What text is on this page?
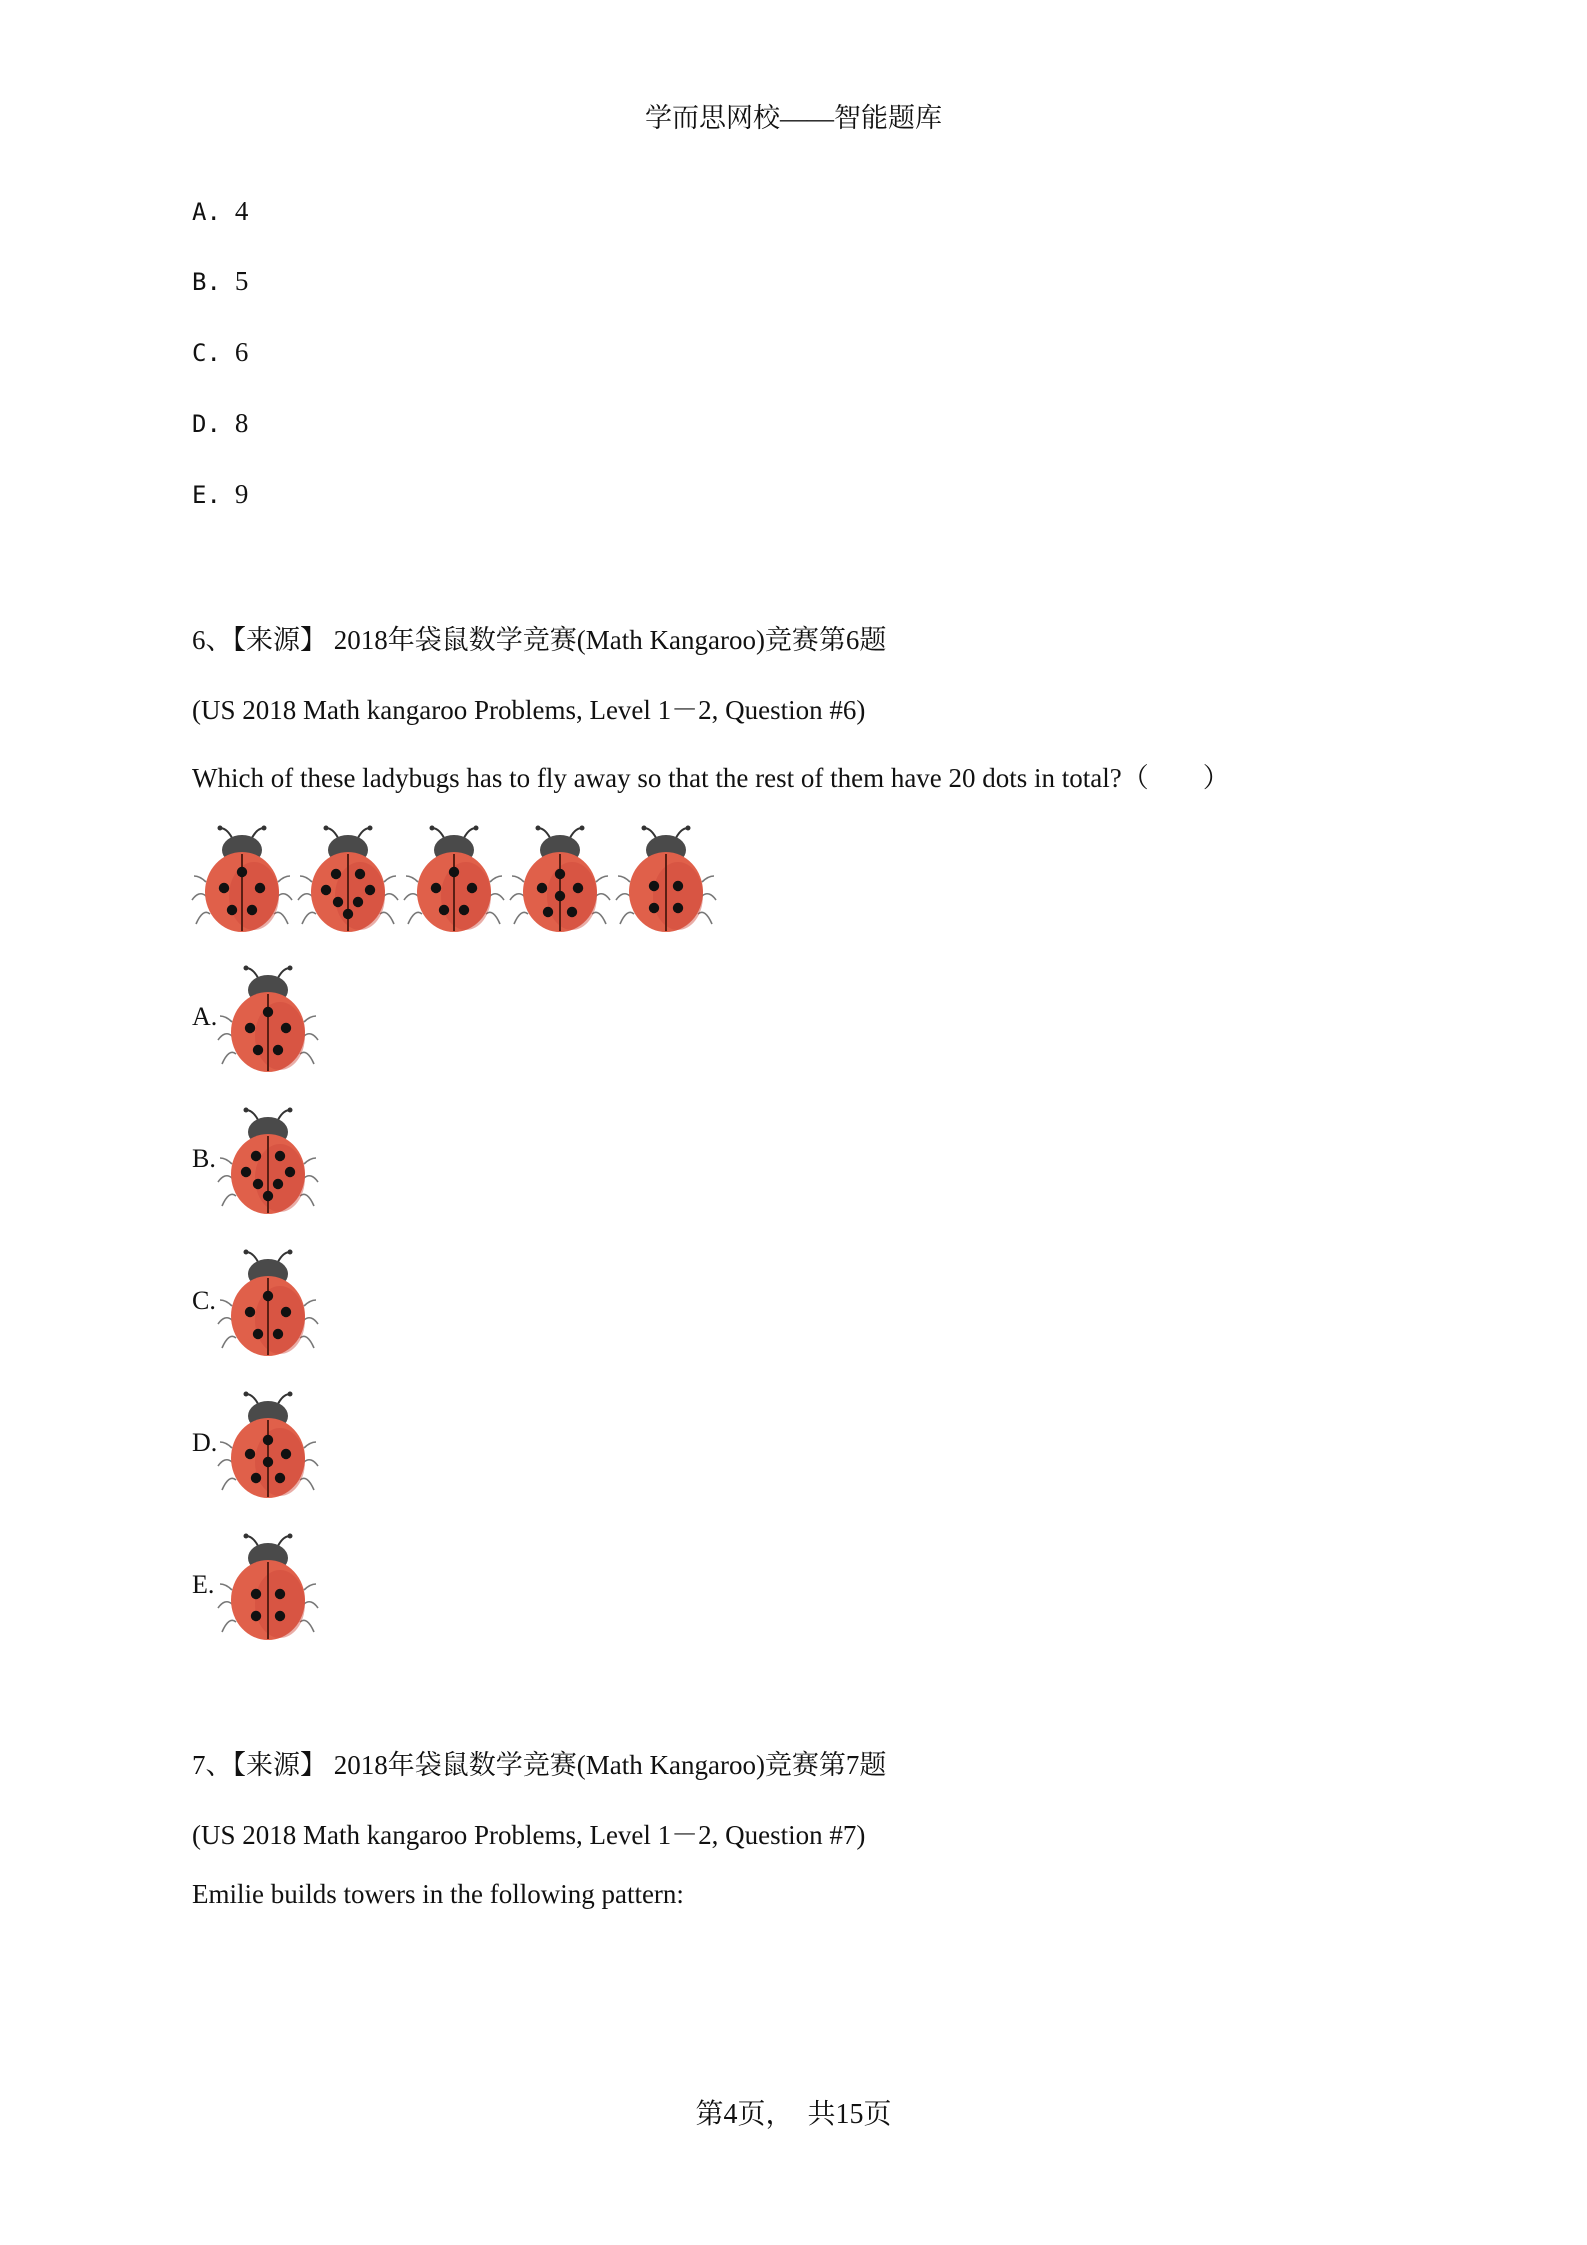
学而思网校——智能题库
A. 4
B. 5
C. 6
D. 8
E. 9
6、【来源】 2018年袋鼠数学竞赛(Math Kangaroo)竞赛第6题
(US 2018 Math kangaroo Problems, Level 1－2, Question #6)
Which of these ladybugs has to fly away so that the rest of them have 20 dots in total?（　　）
A.
B.
C.
D.
E.
7、【来源】 2018年袋鼠数学竞赛(Math Kangaroo)竞赛第7题
(US 2018 Math kangaroo Problems, Level 1－2, Question #7)
Emilie builds towers in the following pattern:
第4页，　共15页
